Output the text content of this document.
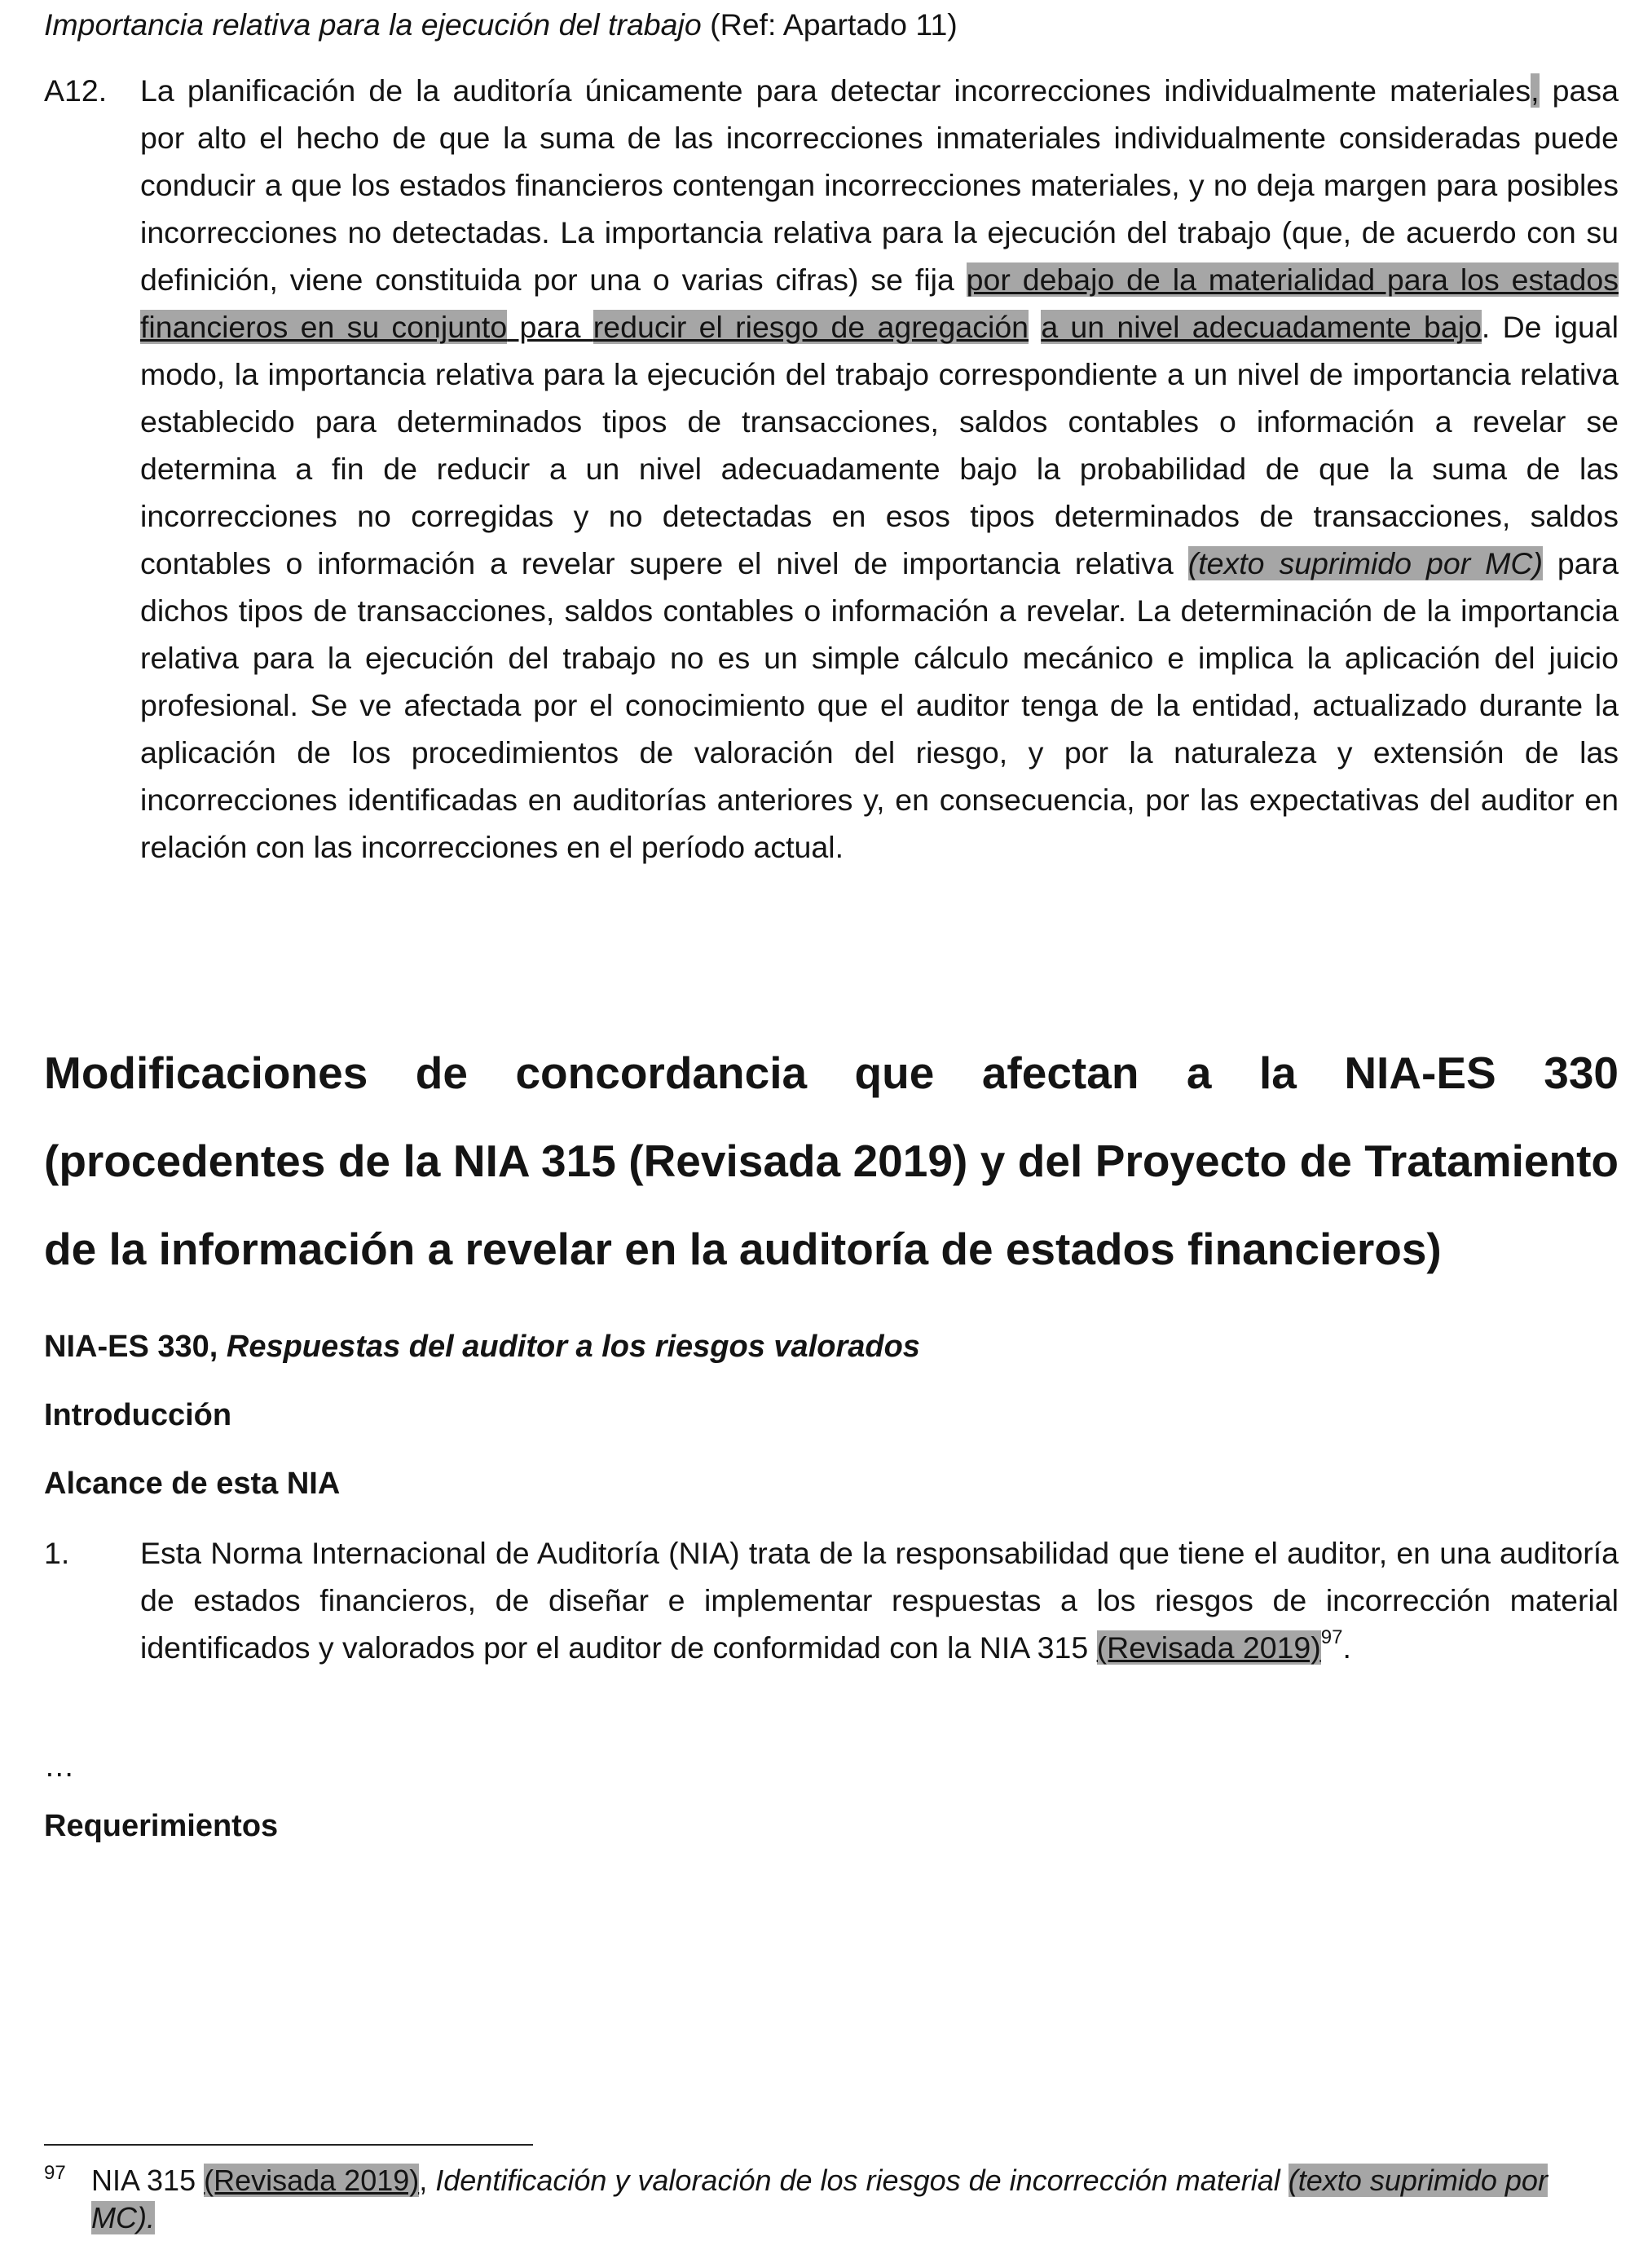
Importancia relativa para la ejecución del trabajo (Ref: Apartado 11)

A12. La planificación de la auditoría únicamente para detectar incorrecciones individualmente materiales, pasa por alto el hecho de que la suma de las incorrecciones inmateriales individualmente consideradas puede conducir a que los estados financieros contengan incorrecciones materiales, y no deja margen para posibles incorrecciones no detectadas. La importancia relativa para la ejecución del trabajo (que, de acuerdo con su definición, viene constituida por una o varias cifras) se fija por debajo de la materialidad para los estados financieros en su conjunto para reducir el riesgo de agregación a un nivel adecuadamente bajo. De igual modo, la importancia relativa para la ejecución del trabajo correspondiente a un nivel de importancia relativa establecido para determinados tipos de transacciones, saldos contables o información a revelar se determina a fin de reducir a un nivel adecuadamente bajo la probabilidad de que la suma de las incorrecciones no corregidas y no detectadas en esos tipos determinados de transacciones, saldos contables o información a revelar supere el nivel de importancia relativa (texto suprimido por MC) para dichos tipos de transacciones, saldos contables o información a revelar. La determinación de la importancia relativa para la ejecución del trabajo no es un simple cálculo mecánico e implica la aplicación del juicio profesional. Se ve afectada por el conocimiento que el auditor tenga de la entidad, actualizado durante la aplicación de los procedimientos de valoración del riesgo, y por la naturaleza y extensión de las incorrecciones identificadas en auditorías anteriores y, en consecuencia, por las expectativas del auditor en relación con las incorrecciones en el período actual.
Modificaciones de concordancia que afectan a la NIA-ES 330 (procedentes de la NIA 315 (Revisada 2019) y del Proyecto de Tratamiento de la información a revelar en la auditoría de estados financieros)

NIA-ES 330, Respuestas del auditor a los riesgos valorados

Introducción

Alcance de esta NIA

1. Esta Norma Internacional de Auditoría (NIA) trata de la responsabilidad que tiene el auditor, en una auditoría de estados financieros, de diseñar e implementar respuestas a los riesgos de incorrección material identificados y valorados por el auditor de conformidad con la NIA 315 (Revisada 2019)$^{97}$.
…

Requerimientos

97 NIA 315 (Revisada 2019), Identificación y valoración de los riesgos de incorrección material (texto suprimido por MC).
